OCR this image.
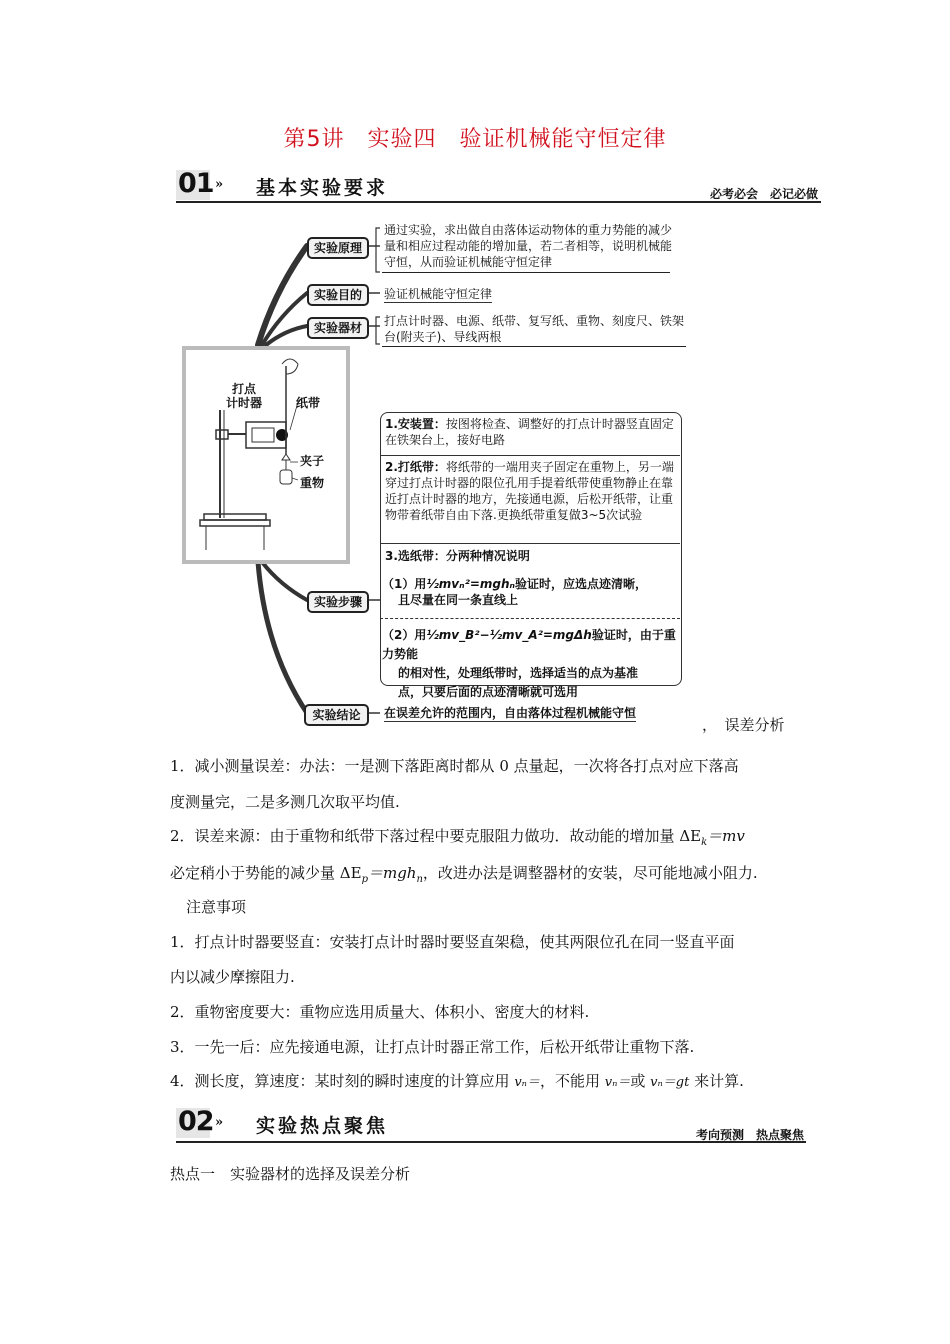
第5讲　实验四　验证机械能守恒定律
01 » 基本实验要求	必考必会　必记必做
实验原理
通过实验，求出做自由落体运动物体的重力势能的减少量和相应过程动能的增加量，若二者相等，说明机械能守恒，从而验证机械能守恒定律
实验目的	验证机械能守恒定律
实验器材	打点计时器、电源、纸带、复写纸、重物、刻度尺、铁架台(附夹子)、导线两根
打点
计时器	纸带
夹子
重物
1.安装置：按图将检查、调整好的打点计时器竖直固定在铁架台上，接好电路
2.打纸带：将纸带的一端用夹子固定在重物上，另一端穿过打点计时器的限位孔用手提着纸带使重物静止在靠近打点计时器的地方，先接通电源，后松开纸带，让重物带着纸带自由下落.更换纸带重复做3~5次试验
3.选纸带：分两种情况说明
（1）用½mvₙ²=mghₙ验证时，应选点迹清晰，
且尽量在同一条直线上
（2）用½mv_B²−½mv_A²=mgΔh验证时，由于重力势能
的相对性，处理纸带时，选择适当的点为基准
点，只要后面的点迹清晰就可选用
实验步骤
实验结论	在误差允许的范围内，自由落体过程机械能守恒
，　误差分析
1．减小测量误差：办法：一是测下落距离时都从 0 点量起，一次将各打点对应下落高
度测量完，二是多测几次取平均值.
2．误差来源：由于重物和纸带下落过程中要克服阻力做功．故动能的增加量 $\Delta E_k=mv$
必定稍小于势能的减少量 $\Delta E_p=mgh_n$，改进办法是调整器材的安装，尽可能地减小阻力.
注意事项
1．打点计时器要竖直：安装打点计时器时要竖直架稳，使其两限位孔在同一竖直平面
内以减少摩擦阻力.
2．重物密度要大：重物应选用质量大、体积小、密度大的材料.
3．一先一后：应先接通电源，让打点计时器正常工作，后松开纸带让重物下落.
4．测长度，算速度：某时刻的瞬时速度的计算应用 vₙ＝，不能用 vₙ＝或 vₙ＝gt 来计算.
02 » 实验热点聚焦	考向预测　热点聚焦
热点一　实验器材的选择及误差分析
